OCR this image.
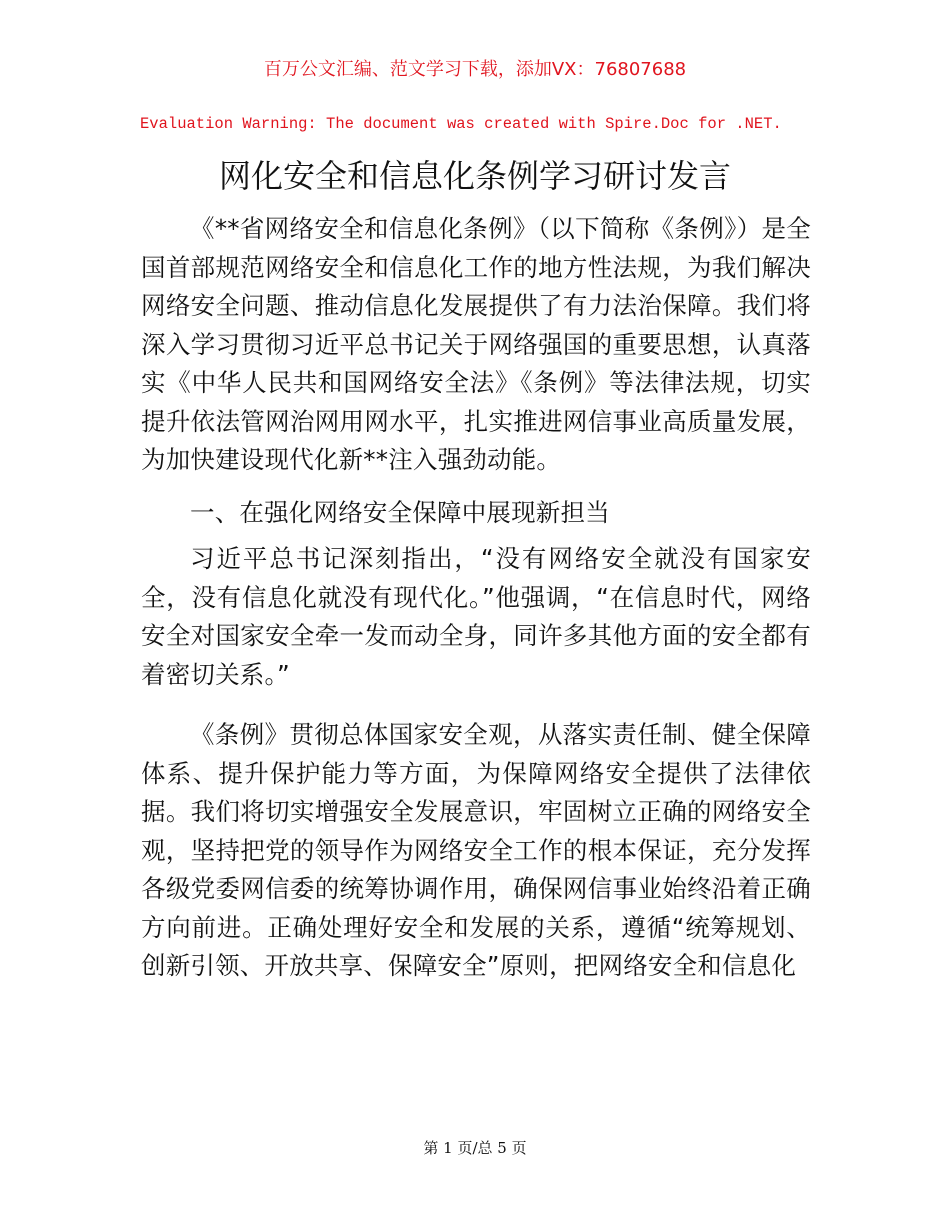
百万公文汇编、范文学习下载，添加VX：76807688
Evaluation Warning: The document was created with Spire.Doc for .NET.
网化安全和信息化条例学习研讨发言

《**省网络安全和信息化条例》（以下简称《条例》）是全国首部规范网络安全和信息化工作的地方性法规，为我们解决网络安全问题、推动信息化发展提供了有力法治保障。我们将深入学习贯彻习近平总书记关于网络强国的重要思想，认真落实《中华人民共和国网络安全法》《条例》等法律法规，切实提升依法管网治网用网水平，扎实推进网信事业高质量发展，为加快建设现代化新**注入强劲动能。

一、在强化网络安全保障中展现新担当

习近平总书记深刻指出，“没有网络安全就没有国家安全，没有信息化就没有现代化。”他强调，“在信息时代，网络安全对国家安全牵一发而动全身，同许多其他方面的安全都有着密切关系。”

《条例》贯彻总体国家安全观，从落实责任制、健全保障体系、提升保护能力等方面，为保障网络安全提供了法律依据。我们将切实增强安全发展意识，牢固树立正确的网络安全观，坚持把党的领导作为网络安全工作的根本保证，充分发挥各级党委网信委的统筹协调作用，确保网信事业始终沿着正确方向前进。正确处理好安全和发展的关系，遵循“统筹规划、创新引领、开放共享、保障安全”原则，把网络安全和信息化

第 1 页/总 5 页
